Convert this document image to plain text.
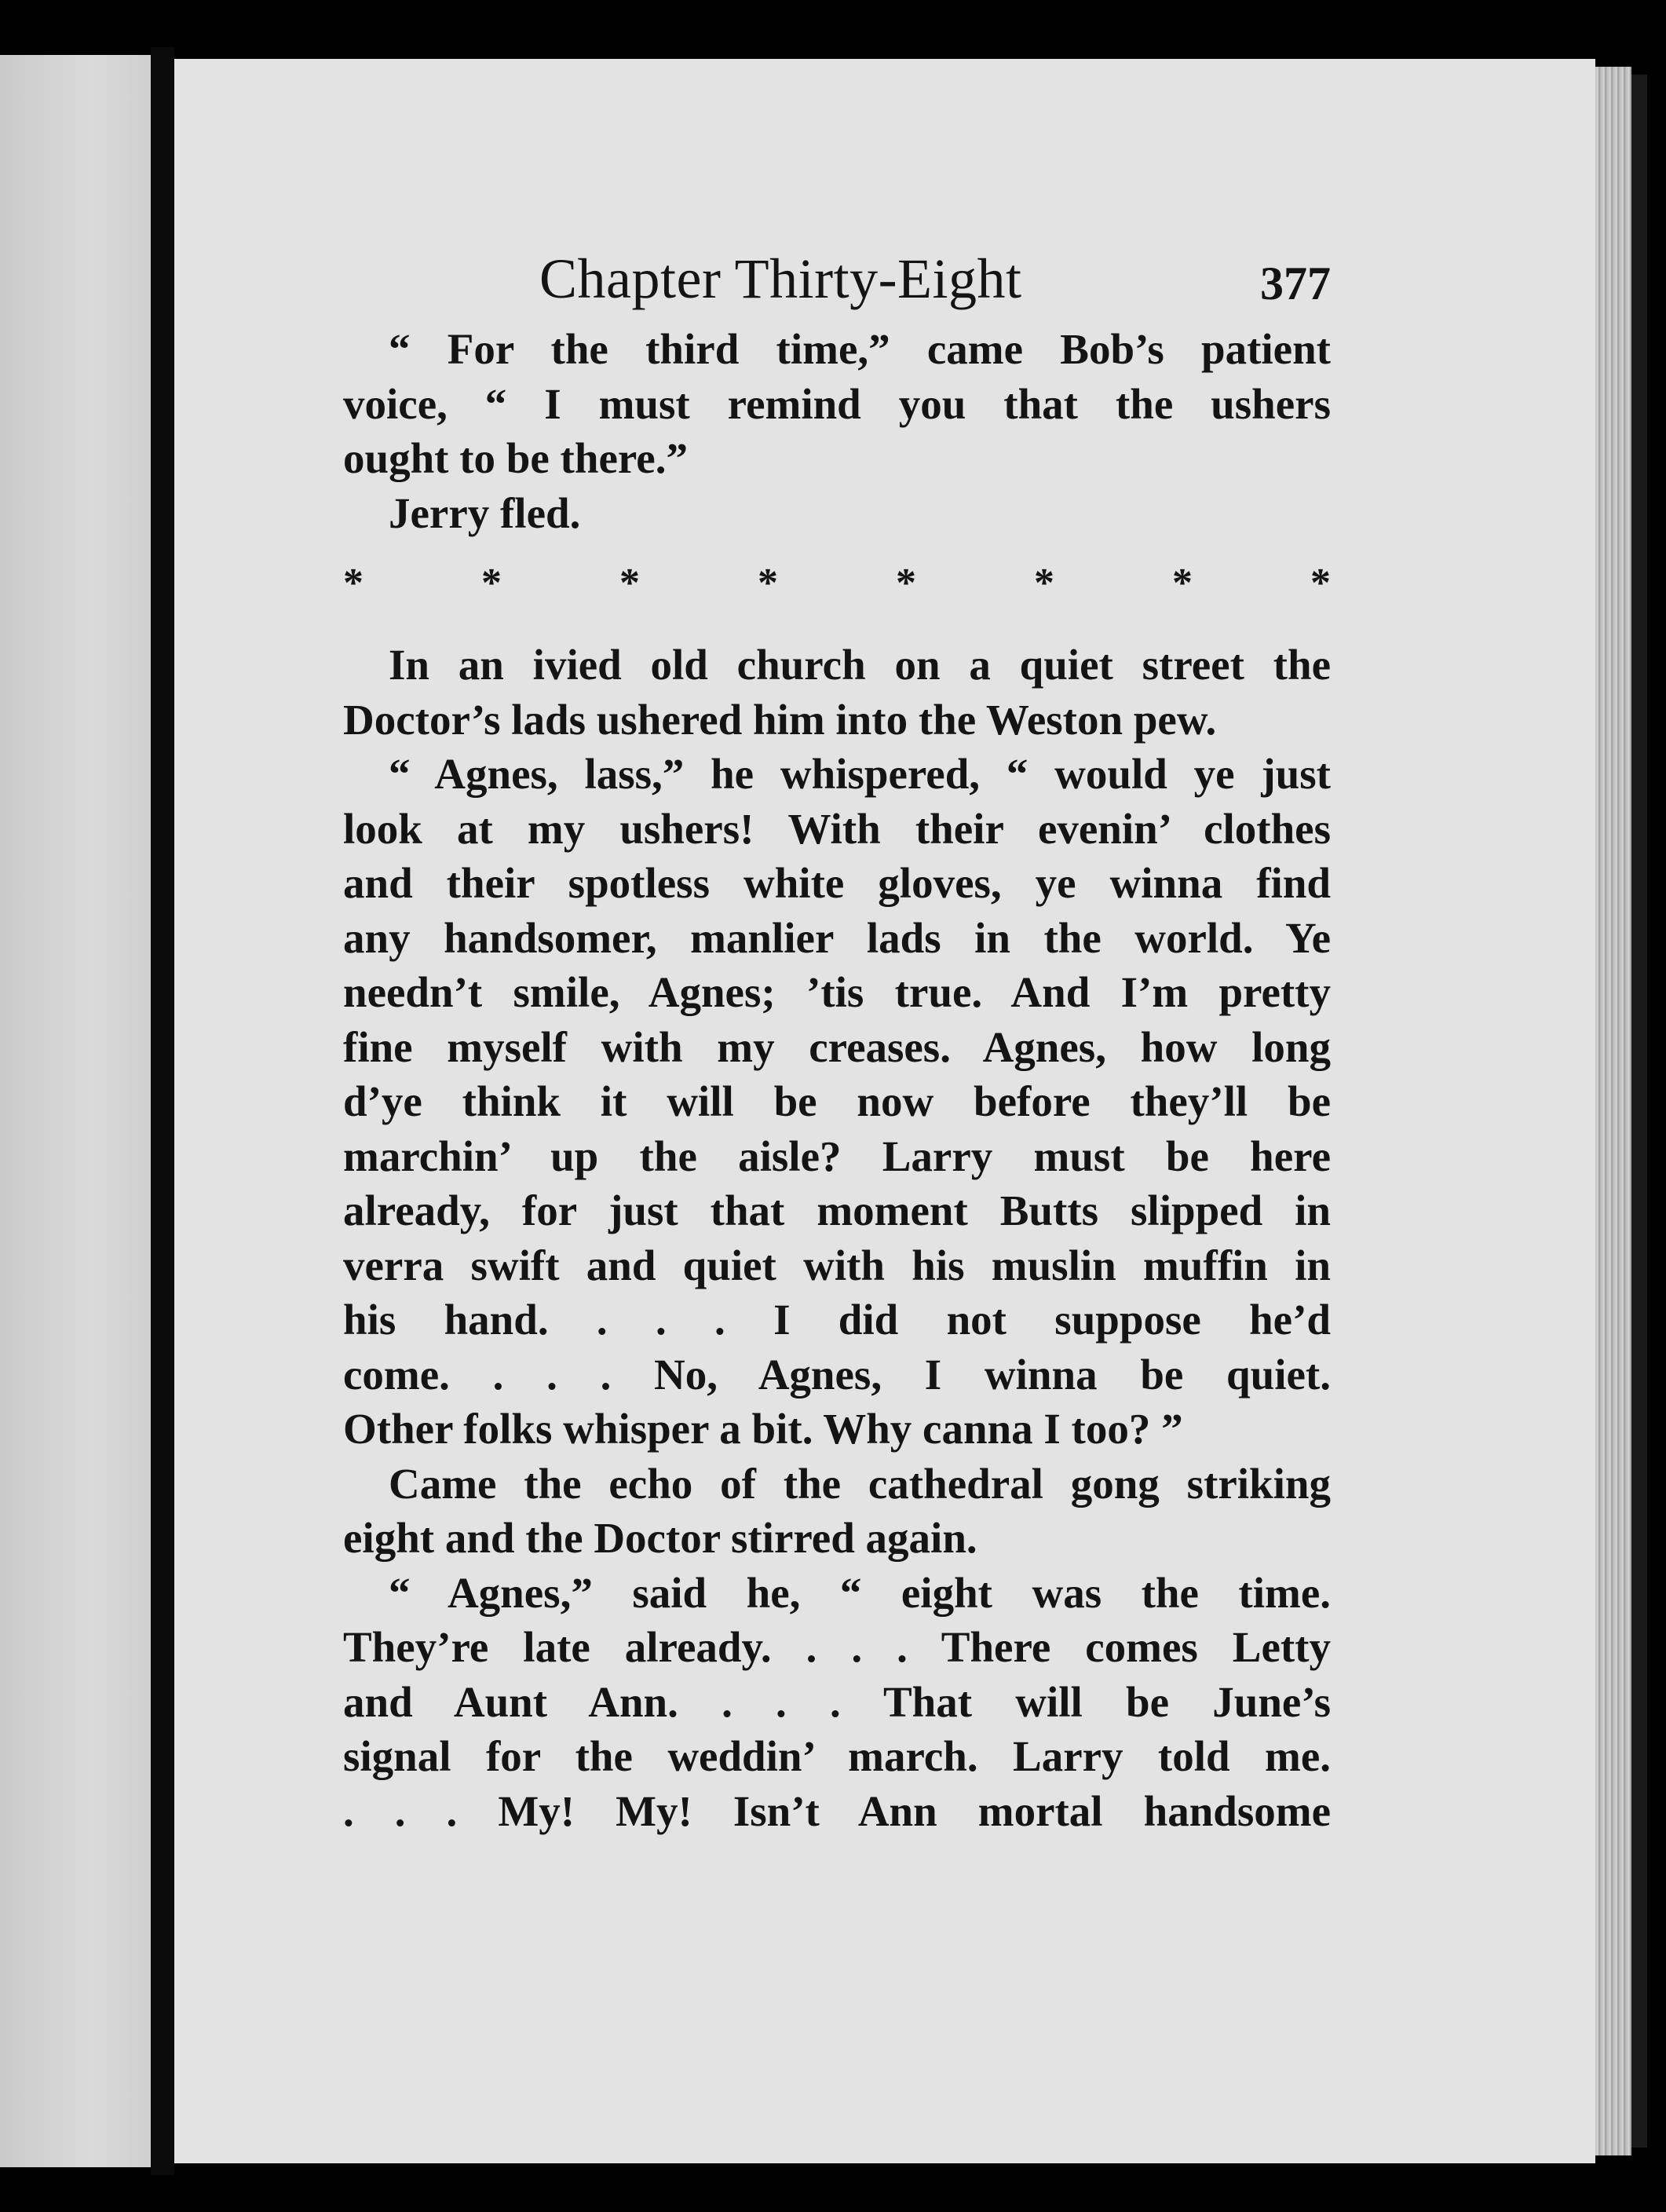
Chapter Thirty-Eight	377
“ For the third time,” came Bob’s patient
voice, “ I must remind you that the ushers
ought to be there.”
Jerry fled.
*	*	*	*	*	*	*	*
In an ivied old church on a quiet street the
Doctor’s lads ushered him into the Weston pew.
“ Agnes, lass,” he whispered, “ would ye just
look at my ushers! With their evenin’ clothes
and their spotless white gloves, ye winna find
any handsomer, manlier lads in the world. Ye
needn’t smile, Agnes; ’tis true. And I’m pretty
fine myself with my creases. Agnes, how long
d’ye think it will be now before they’ll be
marchin’ up the aisle? Larry must be here
already, for just that moment Butts slipped in
verra swift and quiet with his muslin muffin in
his hand. . . . I did not suppose he’d
come. . . . No, Agnes, I winna be quiet.
Other folks whisper a bit. Why canna I too? ”
Came the echo of the cathedral gong striking
eight and the Doctor stirred again.
“ Agnes,” said he, “ eight was the time.
They’re late already. . . . There comes Letty
and Aunt Ann. . . . That will be June’s
signal for the weddin’ march. Larry told me.
. . . My! My! Isn’t Ann mortal handsome
